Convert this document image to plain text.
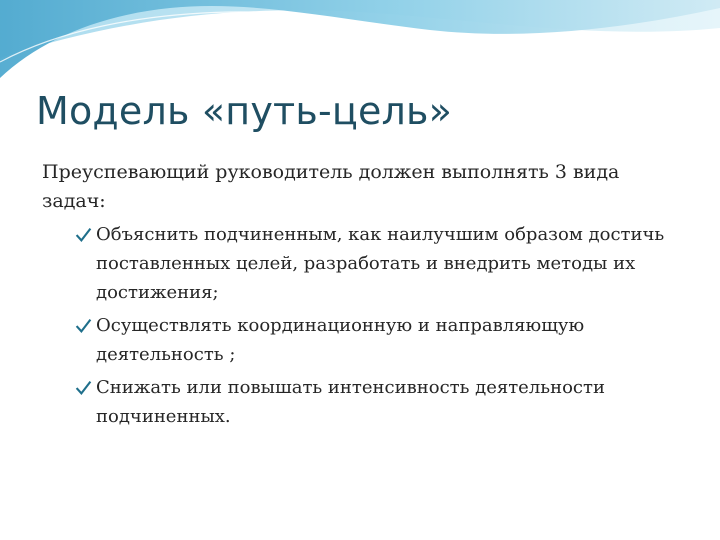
Модель «путь-цель»

Преуспевающий руководитель должен выполнять 3 вида задач:

Объяснить подчиненным, как наилучшим образом достичь поставленных целей, разработать и внедрить методы их достижения;
Осуществлять координационную и направляющую деятельность ;
Снижать или повышать интенсивность деятельности подчиненных.
